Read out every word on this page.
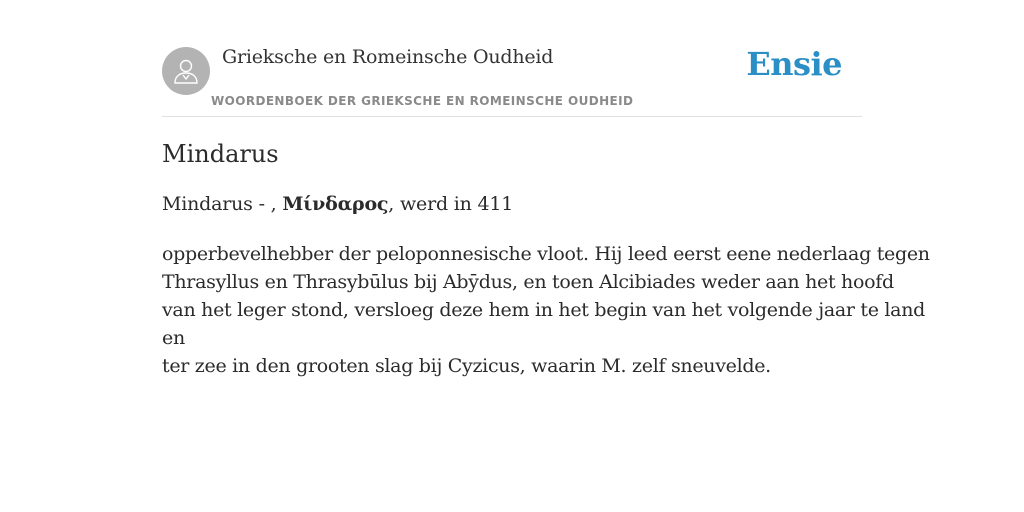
Grieksche en Romeinsche Oudheid
WOORDENBOEK DER GRIEKSCHE EN ROMEINSCHE OUDHEID
Ensie
Mindarus
Mindarus - , Μίνδαρος, werd in 411
opperbevelhebber der peloponnesische vloot. Hij leed eerst eene nederlaag tegen
Thrasyllus en Thrasybūlus bij Abȳdus, en toen Alcibiades weder aan het hoofd
van het leger stond, versloeg deze hem in het begin van het volgende jaar te land
en
ter zee in den grooten slag bij Cyzicus, waarin M. zelf sneuvelde.
